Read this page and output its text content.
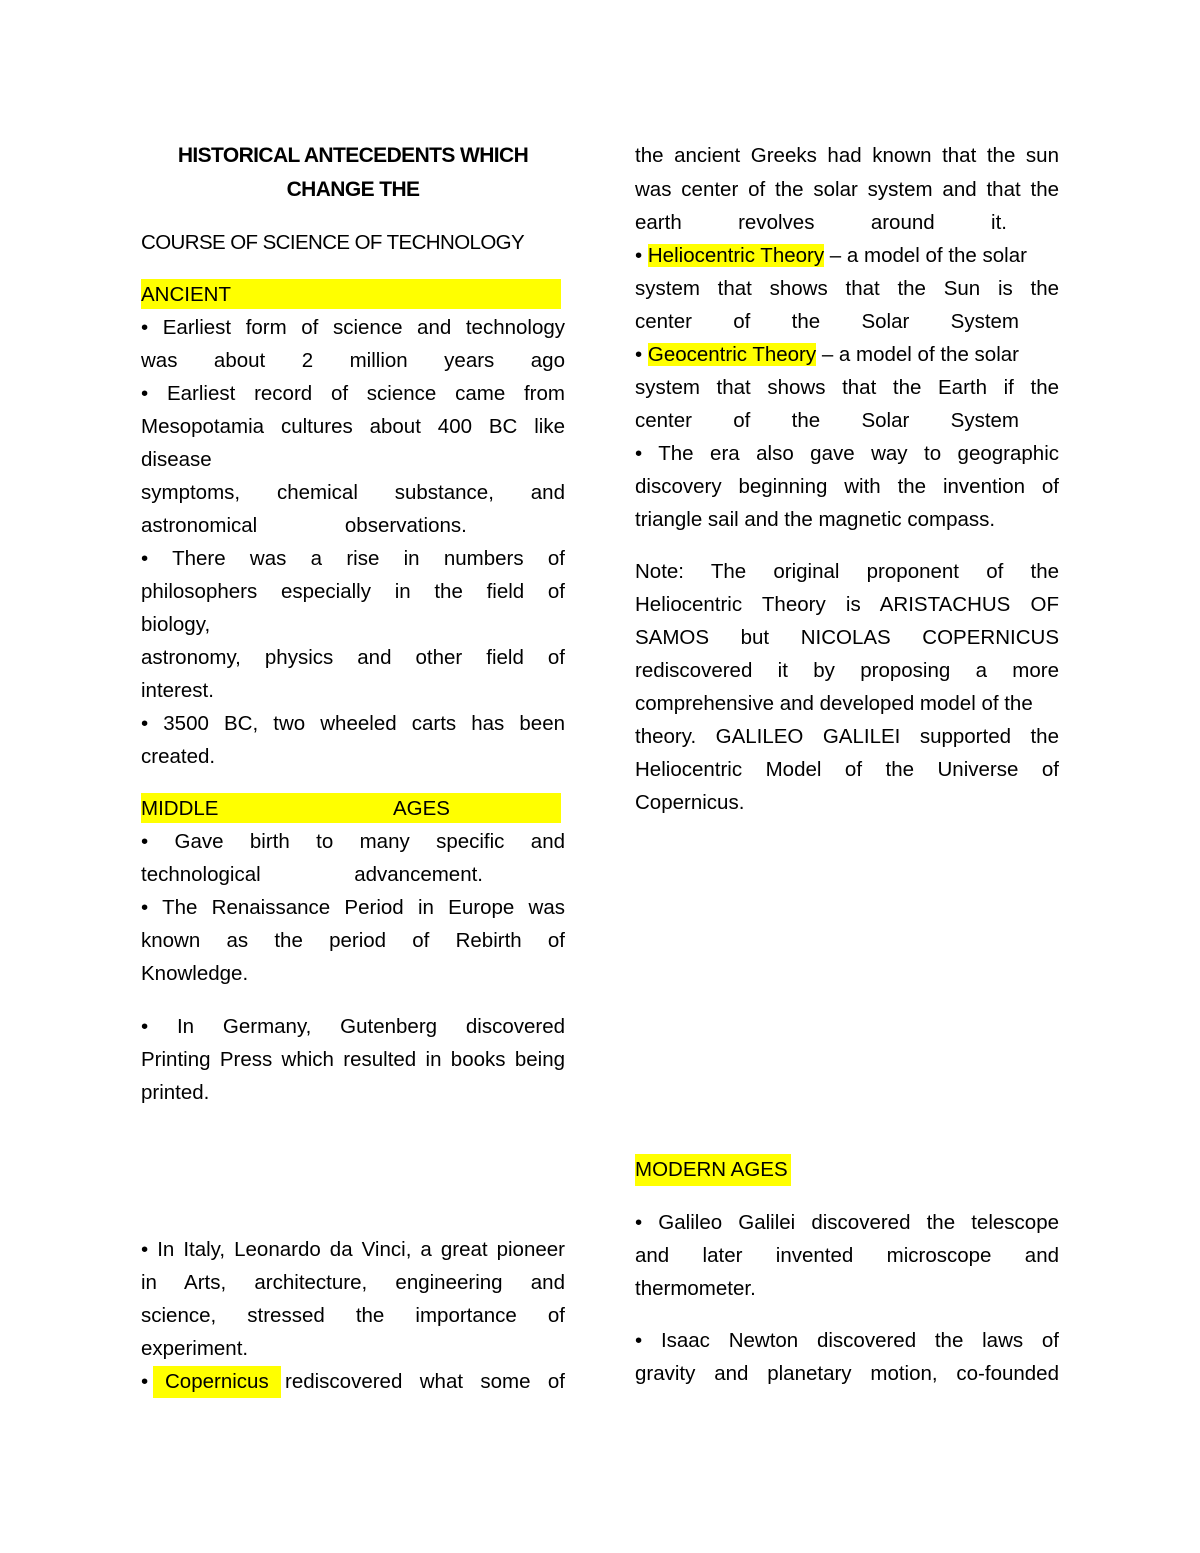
HISTORICAL ANTECEDENTS WHICH
CHANGE THE
COURSE OF SCIENCE OF TECHNOLOGY
ANCIENT
• Earliest form of science and technology
was about 2 million years ago
• Earliest record of science came from
Mesopotamia cultures about 400 BC like
disease
symptoms, chemical substance, and
astronomical observations.
• There was a rise in numbers of
philosophers especially in the field of
biology,
astronomy, physics and other field of
interest.
• 3500 BC, two wheeled carts has been
created.
MIDDLE	AGES
• Gave birth to many specific and
technological advancement.
• The Renaissance Period in Europe was
known as the period of Rebirth of
Knowledge.
• In Germany, Gutenberg discovered
Printing Press which resulted in books being
printed.
• In Italy, Leonardo da Vinci, a great pioneer
in Arts, architecture, engineering and
science, stressed the importance of
experiment.
• Copernicus rediscovered what some of
the ancient Greeks had known that the sun
was center of the solar system and that the
earth revolves around it.
• Heliocentric Theory – a model of the solar
system that shows that the Sun is the
center of the Solar System
• Geocentric Theory – a model of the solar
system that shows that the Earth if the
center of the Solar System
• The era also gave way to geographic
discovery beginning with the invention of
triangle sail and the magnetic compass.
Note: The original proponent of the
Heliocentric Theory is ARISTACHUS OF
SAMOS but NICOLAS COPERNICUS
rediscovered it by proposing a more
comprehensive and developed model of the
theory. GALILEO GALILEI supported the
Heliocentric Model of the Universe of
Copernicus.
MODERN AGES
• Galileo Galilei discovered the telescope
and later invented microscope and
thermometer.
• Isaac Newton discovered the laws of
gravity and planetary motion, co-founded
